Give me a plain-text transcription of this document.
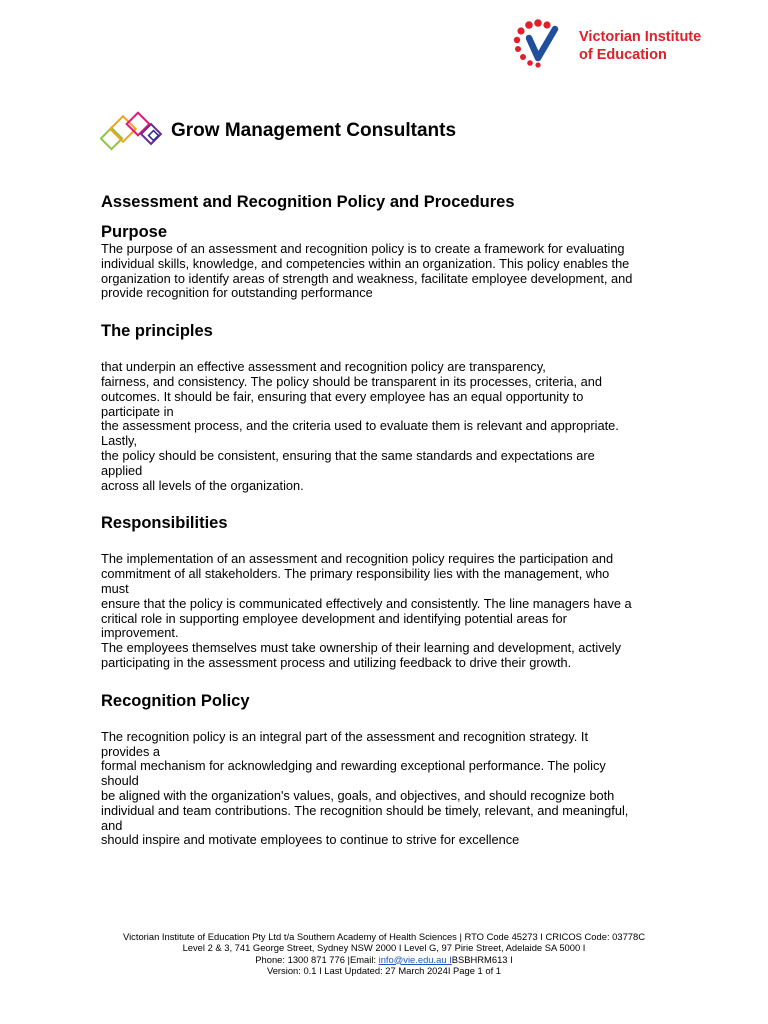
Victorian Institute
of Education
Grow Management Consultants
Assessment and Recognition Policy and Procedures
Purpose

The purpose of an assessment and recognition policy is to create a framework for evaluating
individual skills, knowledge, and competencies within an organization. This policy enables the
organization to identify areas of strength and weakness, facilitate employee development, and
provide recognition for outstanding performance

The principles

that underpin an effective assessment and recognition policy are transparency,
fairness, and consistency. The policy should be transparent in its processes, criteria, and
outcomes. It should be fair, ensuring that every employee has an equal opportunity to
participate in
the assessment process, and the criteria used to evaluate them is relevant and appropriate.
Lastly,
the policy should be consistent, ensuring that the same standards and expectations are
applied
across all levels of the organization.

Responsibilities

The implementation of an assessment and recognition policy requires the participation and
commitment of all stakeholders. The primary responsibility lies with the management, who
must
ensure that the policy is communicated effectively and consistently. The line managers have a
critical role in supporting employee development and identifying potential areas for
improvement.
The employees themselves must take ownership of their learning and development, actively
participating in the assessment process and utilizing feedback to drive their growth.

Recognition Policy

The recognition policy is an integral part of the assessment and recognition strategy. It
provides a
formal mechanism for acknowledging and rewarding exceptional performance. The policy
should
be aligned with the organization's values, goals, and objectives, and should recognize both
individual and team contributions. The recognition should be timely, relevant, and meaningful,
and
should inspire and motivate employees to continue to strive for excellence

Victorian Institute of Education Pty Ltd t/a Southern Academy of Health Sciences | RTO Code 45273 I CRICOS Code: 03778C
Level 2 & 3, 741 George Street, Sydney NSW 2000 I Level G, 97 Pirie Street, Adelaide SA 5000 I
Phone: 1300 871 776 |Email: info@vie.edu.au IBSBHRM613 I
Version: 0.1 I Last Updated: 27 March 2024I Page 1 of 1
